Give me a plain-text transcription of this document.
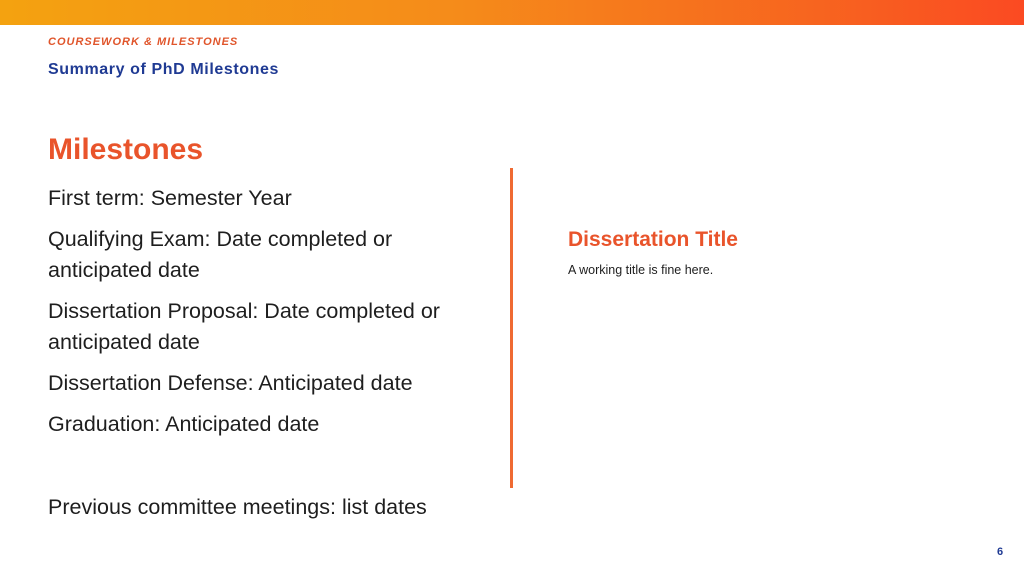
COURSEWORK & MILESTONES
Summary of PhD Milestones
Milestones
First term: Semester Year
Qualifying Exam: Date completed or anticipated date
Dissertation Proposal: Date completed or anticipated date
Dissertation Defense: Anticipated date
Graduation: Anticipated date
Previous committee meetings: list dates
Dissertation Title
A working title is fine here.
6
